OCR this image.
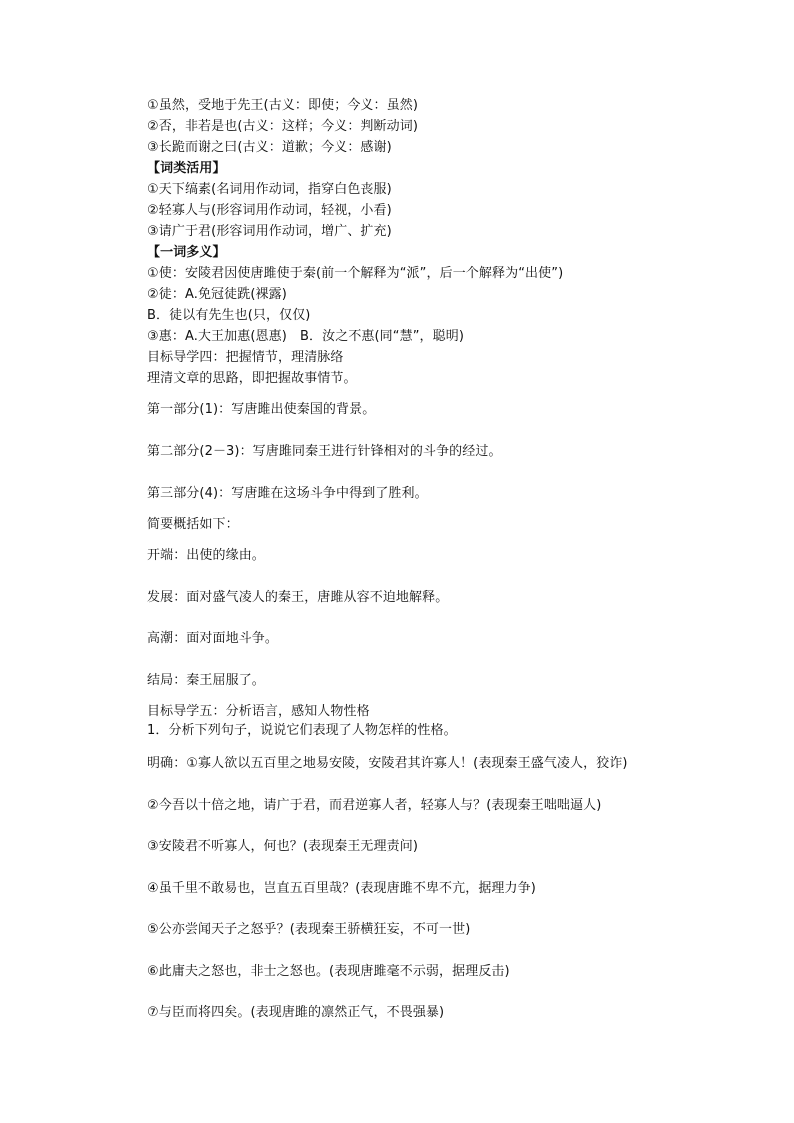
①虽然，受地于先王(古义：即使；今义：虽然)
②否，非若是也(古义：这样；今义：判断动词)
③长跪而谢之曰(古义：道歉；今义：感谢)
【词类活用】
①天下缟素(名词用作动词，指穿白色丧服)
②轻寡人与(形容词用作动词，轻视，小看)
③请广于君(形容词用作动词，增广、扩充)
【一词多义】
①使：安陵君因使唐雎使于秦(前一个解释为“派”，后一个解释为“出使”)
②徒：A.免冠徒跣(裸露)
B．徒以有先生也(只，仅仅)
③惠：A.大王加惠(恩惠)　B．汝之不惠(同“慧”，聪明)
目标导学四：把握情节，理清脉络
理清文章的思路，即把握故事情节。
第一部分(1)：写唐雎出使秦国的背景。
第二部分(2－3)：写唐雎同秦王进行针锋相对的斗争的经过。
第三部分(4)：写唐雎在这场斗争中得到了胜利。
简要概括如下：
开端：出使的缘由。
发展：面对盛气凌人的秦王，唐雎从容不迫地解释。
高潮：面对面地斗争。
结局：秦王屈服了。
目标导学五：分析语言，感知人物性格
1．分析下列句子，说说它们表现了人物怎样的性格。
明确：①寡人欲以五百里之地易安陵，安陵君其许寡人！(表现秦王盛气凌人，狡诈)
②今吾以十倍之地，请广于君，而君逆寡人者，轻寡人与？(表现秦王咄咄逼人)
③安陵君不听寡人，何也？(表现秦王无理责问)
④虽千里不敢易也，岂直五百里哉？(表现唐雎不卑不亢，据理力争)
⑤公亦尝闻天子之怒乎？(表现秦王骄横狂妄，不可一世)
⑥此庸夫之怒也，非士之怒也。(表现唐雎毫不示弱，据理反击)
⑦与臣而将四矣。(表现唐雎的凛然正气，不畏强暴)
